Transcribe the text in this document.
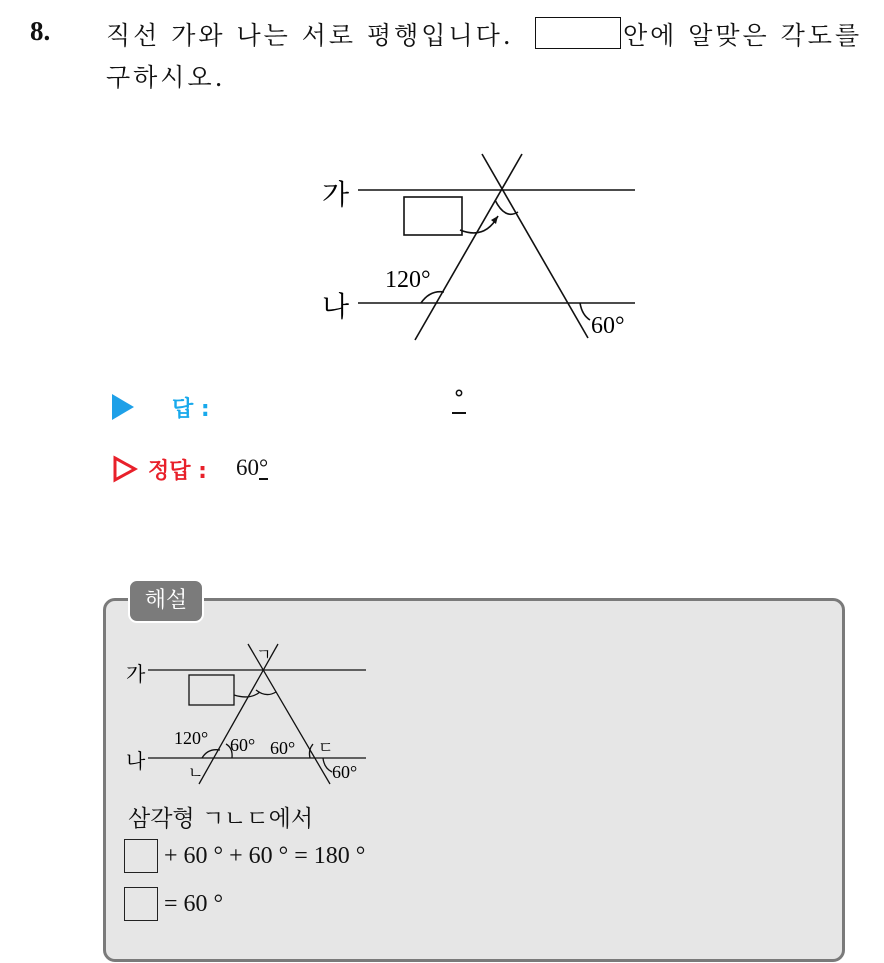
8. 직선 가와 나는 서로 평행입니다.	안에 알맞은 각도를
구하시오.
가
나
120°
60°
답 :	°
정답 : 60°
해설
가
나
ㄱ
ㄴ
ㄷ
120° 60° 60°
60°
삼각형 ㄱㄴㄷ에서
+ 60 ° + 60 ° = 180 °
= 60 °
